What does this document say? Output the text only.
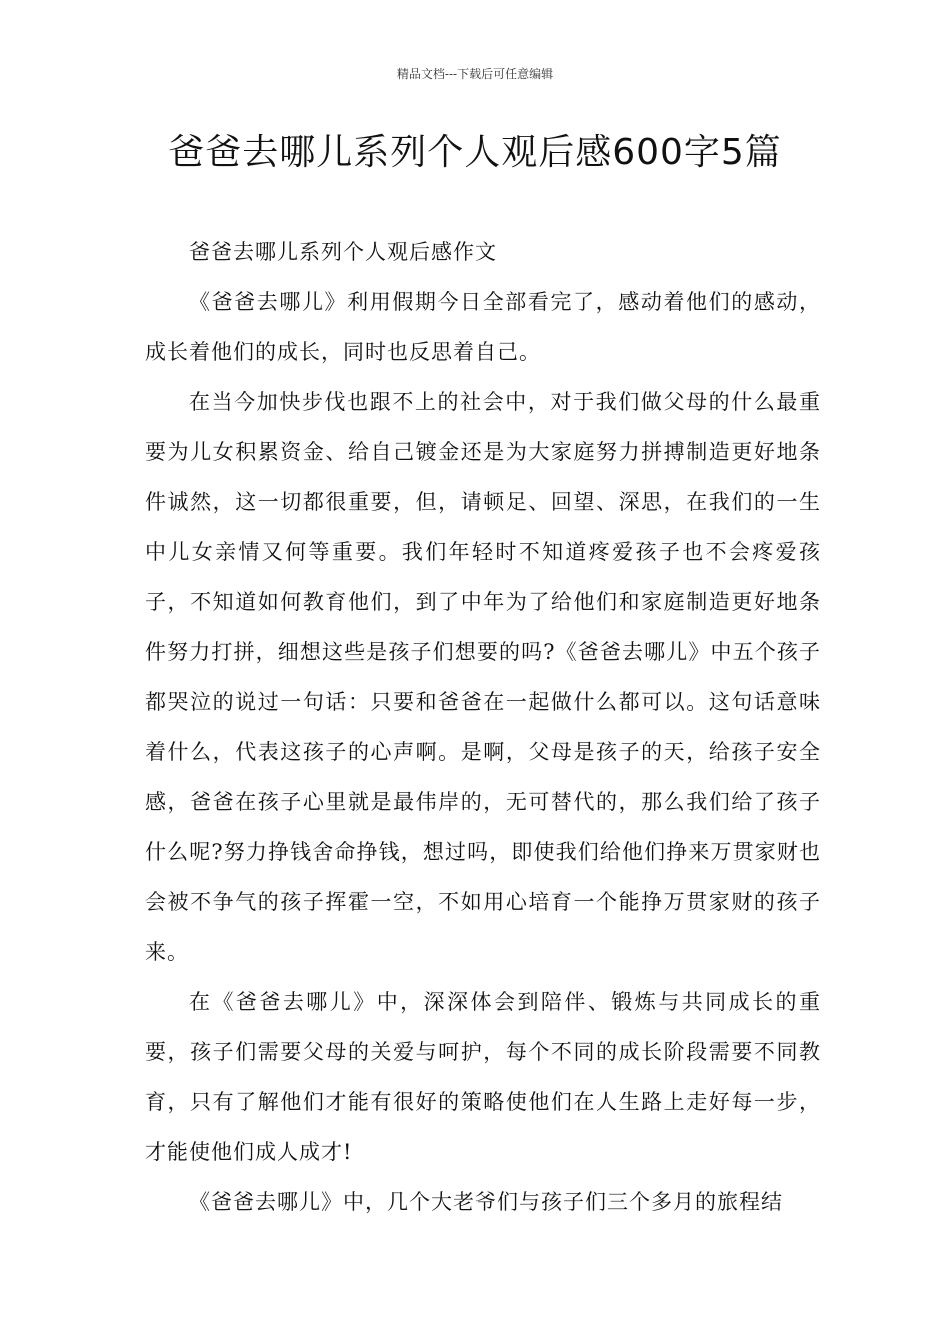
精品文档---下载后可任意编辑
爸爸去哪儿系列个人观后感600字5篇

爸爸去哪儿系列个人观后感作文

《爸爸去哪儿》利用假期今日全部看完了，感动着他们的感动，成长着他们的成长，同时也反思着自己。

在当今加快步伐也跟不上的社会中，对于我们做父母的什么最重要为儿女积累资金、给自己镀金还是为大家庭努力拼搏制造更好地条件诚然，这一切都很重要，但，请顿足、回望、深思，在我们的一生中儿女亲情又何等重要。我们年轻时不知道疼爱孩子也不会疼爱孩子，不知道如何教育他们，到了中年为了给他们和家庭制造更好地条件努力打拼，细想这些是孩子们想要的吗?《爸爸去哪儿》中五个孩子都哭泣的说过一句话：只要和爸爸在一起做什么都可以。这句话意味着什么，代表这孩子的心声啊。是啊，父母是孩子的天，给孩子安全感，爸爸在孩子心里就是最伟岸的，无可替代的，那么我们给了孩子什么呢?努力挣钱舍命挣钱，想过吗，即使我们给他们挣来万贯家财也会被不争气的孩子挥霍一空，不如用心培育一个能挣万贯家财的孩子来。

在《爸爸去哪儿》中，深深体会到陪伴、锻炼与共同成长的重要，孩子们需要父母的关爱与呵护，每个不同的成长阶段需要不同教育，只有了解他们才能有很好的策略使他们在人生路上走好每一步，才能使他们成人成才!

《爸爸去哪儿》中，几个大老爷们与孩子们三个多月的旅程结
